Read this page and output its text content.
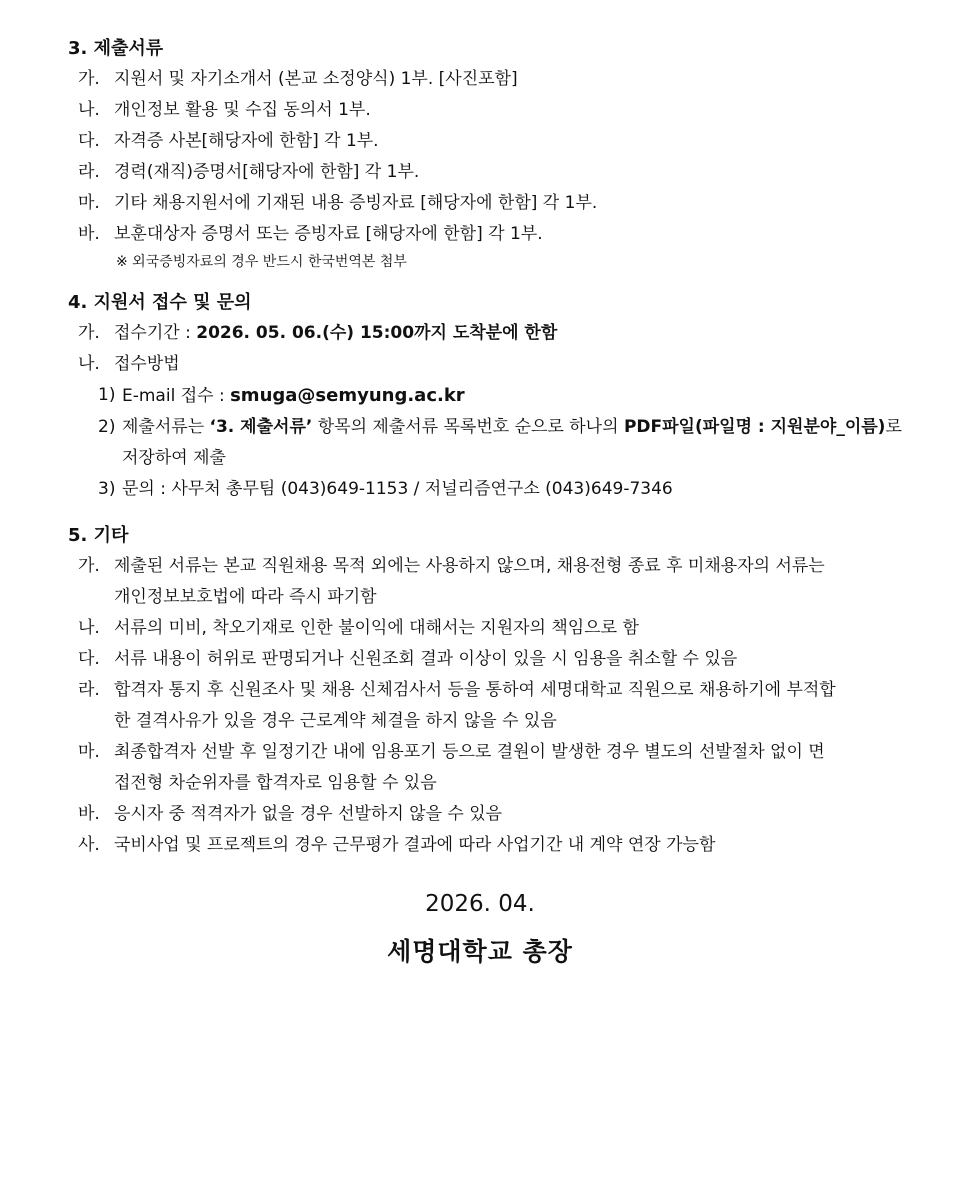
3. 제출서류
가. 지원서 및 자기소개서 (본교 소정양식) 1부. [사진포함]
나. 개인정보 활용 및 수집 동의서 1부.
다. 자격증 사본[해당자에 한함] 각 1부.
라. 경력(재직)증명서[해당자에 한함] 각 1부.
마. 기타 채용지원서에 기재된 내용 증빙자료 [해당자에 한함] 각 1부.
바. 보훈대상자 증명서 또는 증빙자료 [해당자에 한함] 각 1부.
※ 외국증빙자료의 경우 반드시 한국번역본 첨부
4. 지원서 접수 및 문의
가. 접수기간 : 2026. 05. 06.(수) 15:00까지 도착분에 한함
나. 접수방법
1) E-mail 접수 : smuga@semyung.ac.kr
2) 제출서류는 ‘3. 제출서류’ 항목의 제출서류 목록번호 순으로 하나의 PDF파일(파일명 : 지원분야_이름)로
저장하여 제출
3) 문의 : 사무처 총무팀 (043)649-1153 / 저널리즘연구소 (043)649-7346
5. 기타
가. 제출된 서류는 본교 직원채용 목적 외에는 사용하지 않으며, 채용전형 종료 후 미채용자의 서류는
개인정보보호법에 따라 즉시 파기함
나. 서류의 미비, 착오기재로 인한 불이익에 대해서는 지원자의 책임으로 함
다. 서류 내용이 허위로 판명되거나 신원조회 결과 이상이 있을 시 임용을 취소할 수 있음
라. 합격자 통지 후 신원조사 및 채용 신체검사서 등을 통하여 세명대학교 직원으로 채용하기에 부적합
한 결격사유가 있을 경우 근로계약 체결을 하지 않을 수 있음
마. 최종합격자 선발 후 일정기간 내에 임용포기 등으로 결원이 발생한 경우 별도의 선발절차 없이 면
접전형 차순위자를 합격자로 임용할 수 있음
바. 응시자 중 적격자가 없을 경우 선발하지 않을 수 있음
사. 국비사업 및 프로젝트의 경우 근무평가 결과에 따라 사업기간 내 계약 연장 가능함
2026. 04.
세명대학교 총장
